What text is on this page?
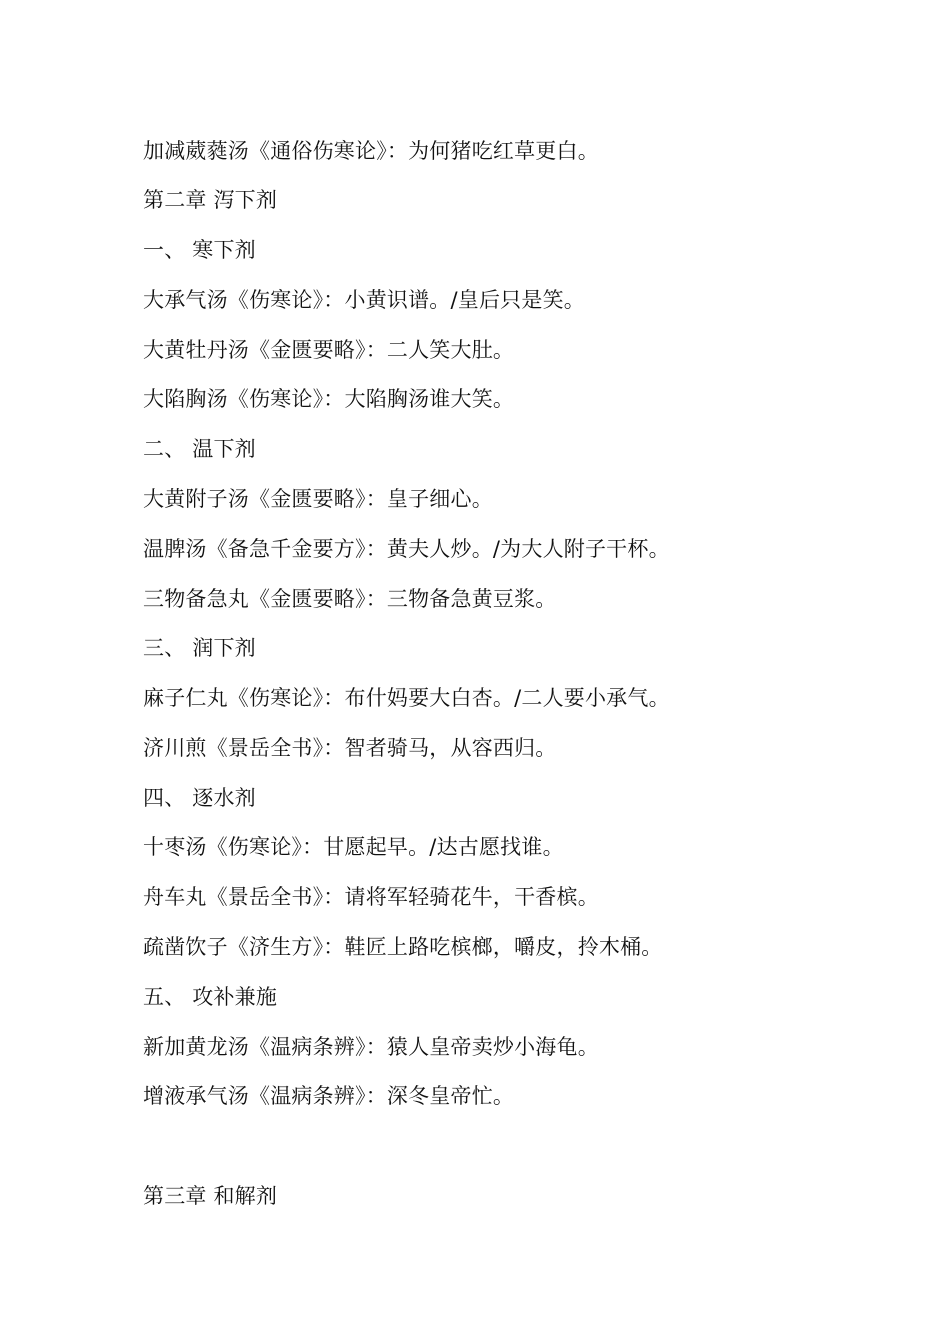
加减葳蕤汤《通俗伤寒论》：为何猪吃红草更白。
第二章 泻下剂
一、 寒下剂
大承气汤《伤寒论》：小黄识谱。/皇后只是笑。
大黄牡丹汤《金匮要略》：二人笑大肚。
大陷胸汤《伤寒论》：大陷胸汤谁大笑。
二、 温下剂
大黄附子汤《金匮要略》：皇子细心。
温脾汤《备急千金要方》：黄夫人炒。/为大人附子干杯。
三物备急丸《金匮要略》：三物备急黄豆浆。
三、 润下剂
麻子仁丸《伤寒论》：布什妈要大白杏。/二人要小承气。
济川煎《景岳全书》：智者骑马，从容西归。
四、 逐水剂
十枣汤《伤寒论》：甘愿起早。/达古愿找谁。
舟车丸《景岳全书》：请将军轻骑花牛，干香槟。
疏凿饮子《济生方》：鞋匠上路吃槟榔，嚼皮，拎木桶。
五、 攻补兼施
新加黄龙汤《温病条辨》：猿人皇帝卖炒小海龟。
增液承气汤《温病条辨》：深冬皇帝忙。
第三章 和解剂
